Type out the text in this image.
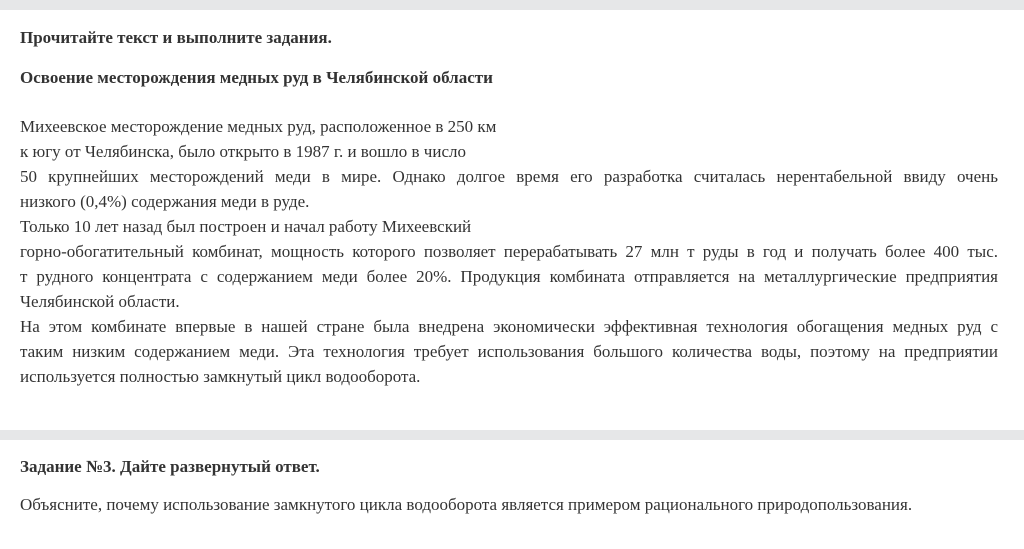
Прочитайте текст и выполните задания.

Освоение месторождения медных руд в Челябинской области
Михеевское месторождение медных руд, расположенное в 250 км
к югу от Челябинска, было открыто в 1987 г. и вошло в число
50 крупнейших месторождений меди в мире. Однако долгое время его разработка считалась нерентабельной ввиду очень
низкого (0,4%) содержания меди в руде.
Только 10 лет назад был построен и начал работу Михеевский
горно-обогатительный комбинат, мощность которого позволяет перерабатывать 27 млн т руды в год и получать более 400 тыс.
т рудного концентрата с содержанием меди более 20%. Продукция комбината отправляется на металлургические предприятия
Челябинской области.
На этом комбинате впервые в нашей стране была внедрена экономически эффективная технология обогащения медных руд с
таким низким содержанием меди. Эта технология требует использования большого количества воды, поэтому на предприятии
используется полностью замкнутый цикл водооборота.
Задание №3. Дайте развернутый ответ.

Объясните, почему использование замкнутого цикла водооборота является примером рационального природопользования.
